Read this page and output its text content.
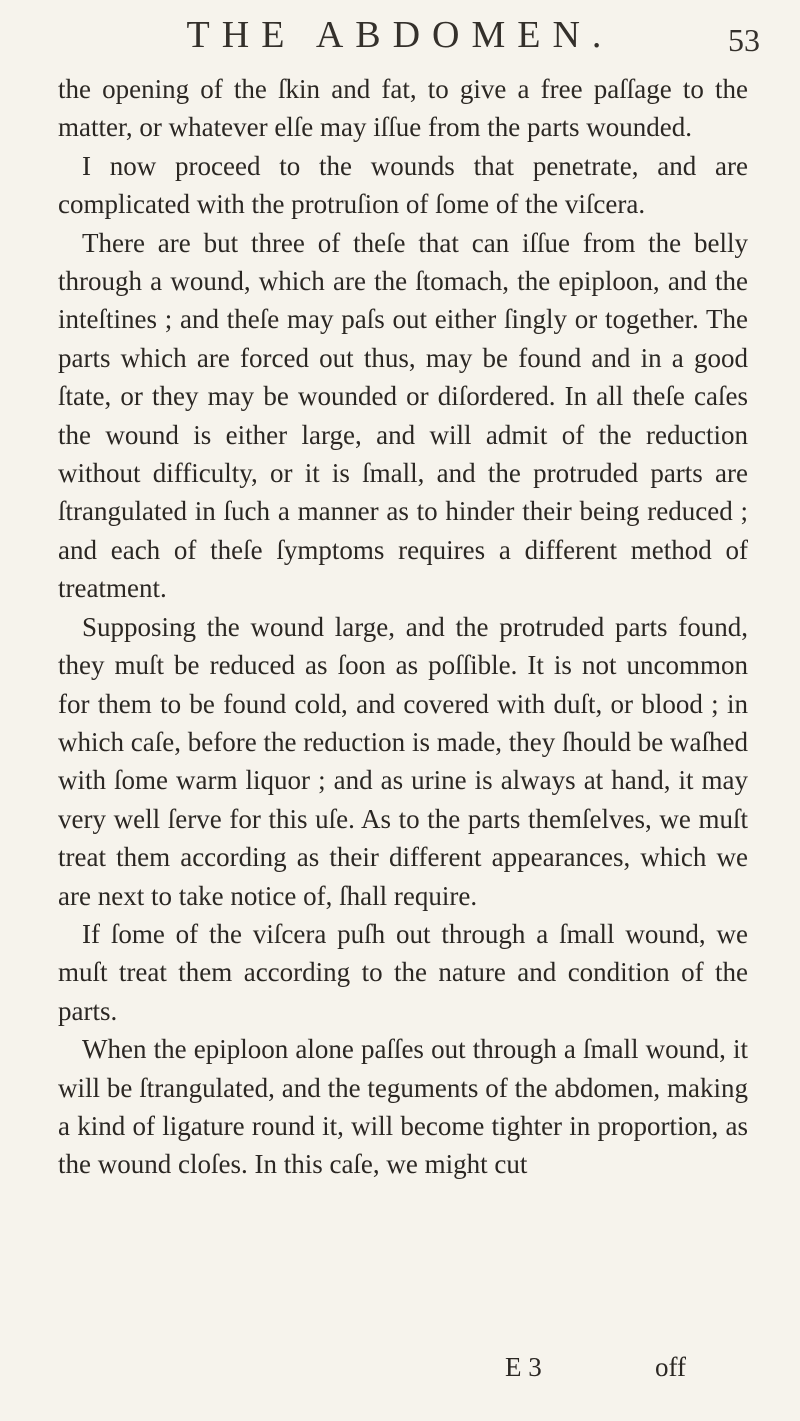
THE ABDOMEN.	53

the opening of the ſkin and fat, to give a free paſſage to the matter, or whatever elſe may iſſue from the parts wounded.

I now proceed to the wounds that penetrate, and are complicated with the protruſion of ſome of the viſcera.

There are but three of theſe that can iſſue from the belly through a wound, which are the ſtomach, the epiploon, and the inteſtines ; and theſe may paſs out either ſingly or together. The parts which are forced out thus, may be found and in a good ſtate, or they may be wounded or diſordered. In all theſe caſes the wound is either large, and will admit of the reduction without difficulty, or it is ſmall, and the protruded parts are ſtrangulated in ſuch a manner as to hinder their being reduced ; and each of theſe ſymptoms requires a different method of treatment.

Supposing the wound large, and the protruded parts found, they muſt be reduced as ſoon as poſſible. It is not uncommon for them to be found cold, and covered with duſt, or blood ; in which caſe, before the reduction is made, they ſhould be waſhed with ſome warm liquor ; and as urine is always at hand, it may very well ſerve for this uſe. As to the parts themſelves, we muſt treat them according as their different appearances, which we are next to take notice of, ſhall require.

If ſome of the viſcera puſh out through a ſmall wound, we muſt treat them according to the nature and condition of the parts.

When the epiploon alone paſſes out through a ſmall wound, it will be ſtrangulated, and the teguments of the abdomen, making a kind of ligature round it, will become tighter in proportion, as the wound cloſes. In this caſe, we might cut

E 3	off
